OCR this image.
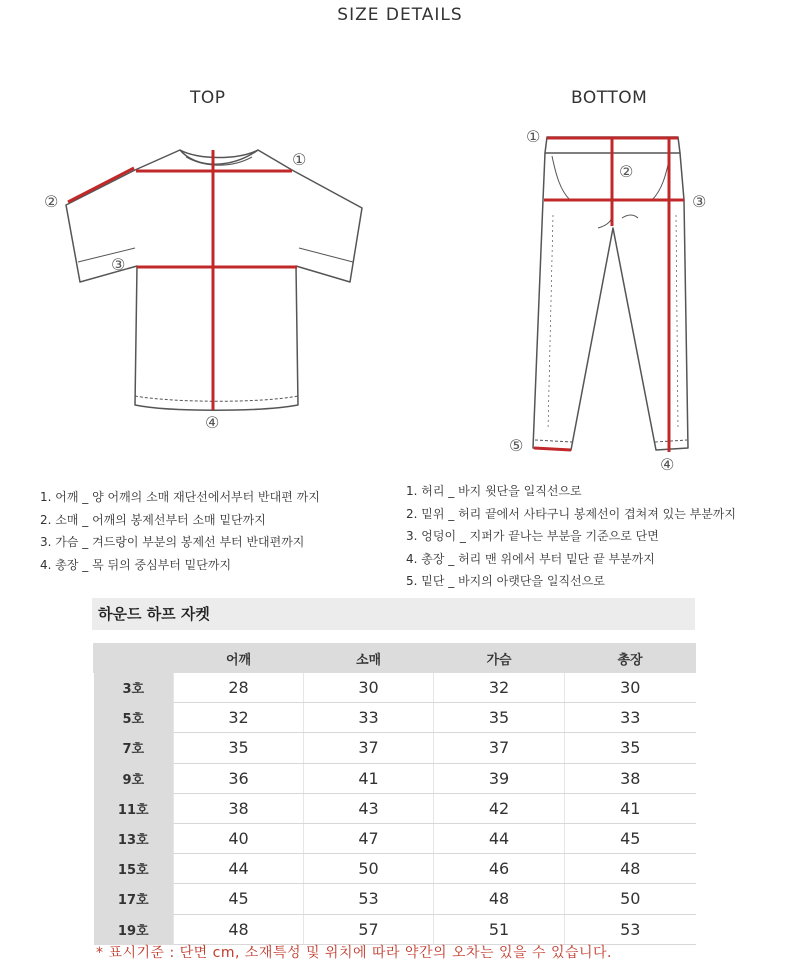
SIZE DETAILS
TOP	BOTTOM
①
②
③
④
①
②
③
④
⑤
1. 어깨 _ 양 어깨의 소매 재단선에서부터 반대편 까지
2. 소매 _ 어깨의 봉제선부터 소매 밑단까지
3. 가슴 _ 겨드랑이 부분의 봉제선 부터 반대편까지
4. 총장 _ 목 뒤의 중심부터 밑단까지
1. 허리 _ 바지 윗단을 일직선으로
2. 밑위 _ 허리 끝에서 사타구니 봉제선이 겹쳐져 있는 부분까지
3. 엉덩이 _ 지퍼가 끝나는 부분을 기준으로 단면
4. 총장 _ 허리 맨 위에서 부터 밑단 끝 부분까지
5. 밑단 _ 바지의 아랫단을 일직선으로
하운드 하프 자켓
	어깨	소매	가슴	총장
3호	28	30	32	30
5호	32	33	35	33
7호	35	37	37	35
9호	36	41	39	38
11호	38	43	42	41
13호	40	47	44	45
15호	44	50	46	48
17호	45	53	48	50
19호	48	57	51	53
* 표시기준 : 단면 cm, 소재특성 및 위치에 따라 약간의 오차는 있을 수 있습니다.
